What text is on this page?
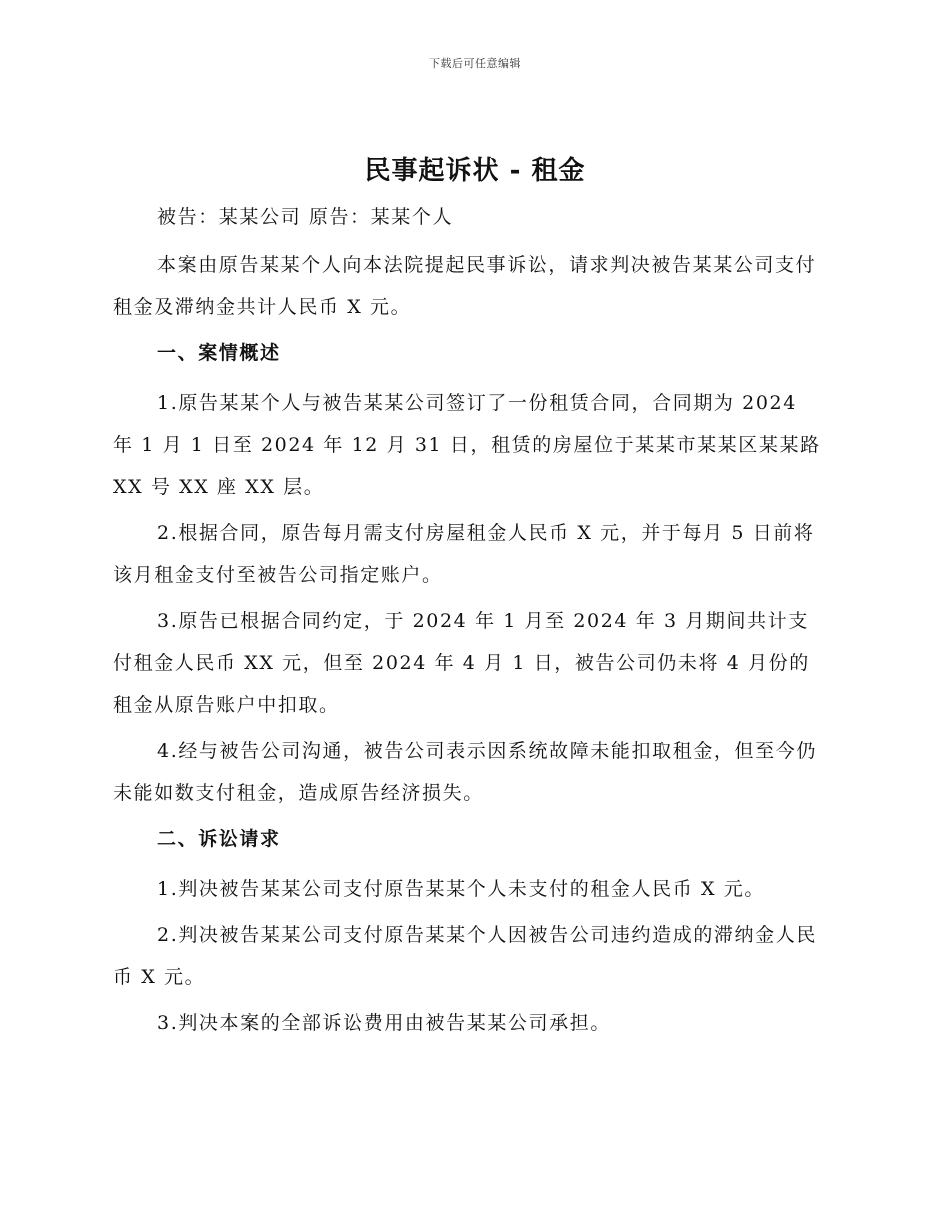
下载后可任意编辑
民事起诉状 - 租金

被告：某某公司 原告：某某个人

本案由原告某某个人向本法院提起民事诉讼，请求判决被告某某公司支付租金及滞纳金共计人民币 X 元。

一、案情概述

1.原告某某个人与被告某某公司签订了一份租赁合同，合同期为 2024 年 1 月 1 日至 2024 年 12 月 31 日，租赁的房屋位于某某市某某区某某路 XX 号 XX 座 XX 层。

2.根据合同，原告每月需支付房屋租金人民币 X 元，并于每月 5 日前将该月租金支付至被告公司指定账户。

3.原告已根据合同约定，于 2024 年 1 月至 2024 年 3 月期间共计支付租金人民币 XX 元，但至 2024 年 4 月 1 日，被告公司仍未将 4 月份的租金从原告账户中扣取。

4.经与被告公司沟通，被告公司表示因系统故障未能扣取租金，但至今仍未能如数支付租金，造成原告经济损失。

二、诉讼请求

1.判决被告某某公司支付原告某某个人未支付的租金人民币 X 元。

2.判决被告某某公司支付原告某某个人因被告公司违约造成的滞纳金人民币 X 元。

3.判决本案的全部诉讼费用由被告某某公司承担。
